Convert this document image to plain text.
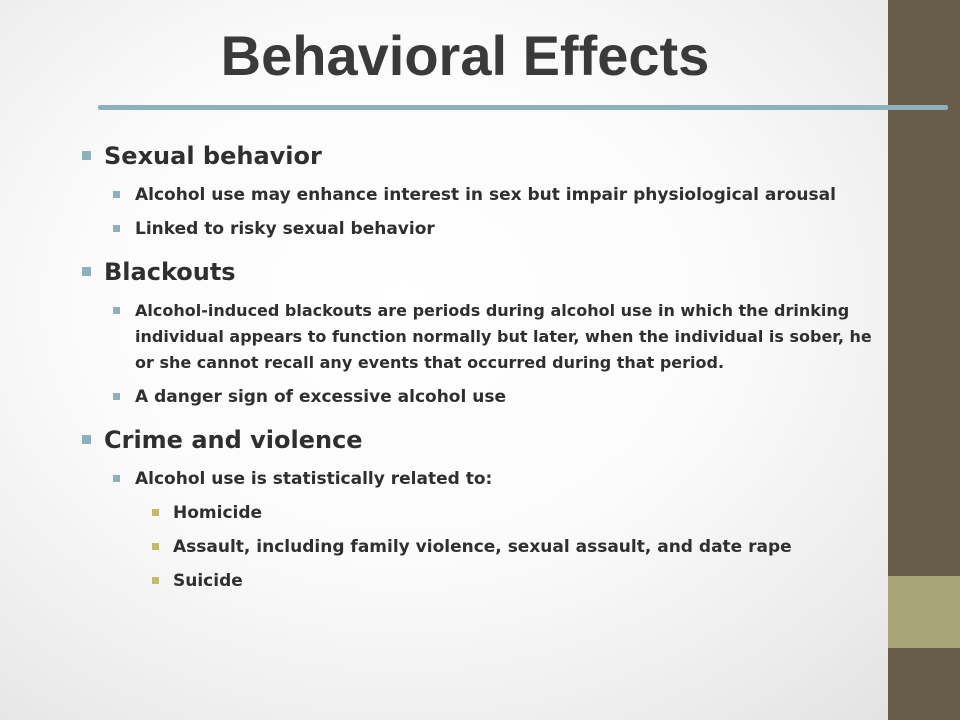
Behavioral Effects
Sexual behavior
Alcohol use may enhance interest in sex but impair physiological arousal
Linked to risky sexual behavior
Blackouts
Alcohol-induced blackouts are periods during alcohol use in which the drinking individual appears to function normally but later, when the individual is sober, he or she cannot recall any events that occurred during that period.
A danger sign of excessive alcohol use
Crime and violence
Alcohol use is statistically related to:
Homicide
Assault, including family violence, sexual assault, and date rape
Suicide
